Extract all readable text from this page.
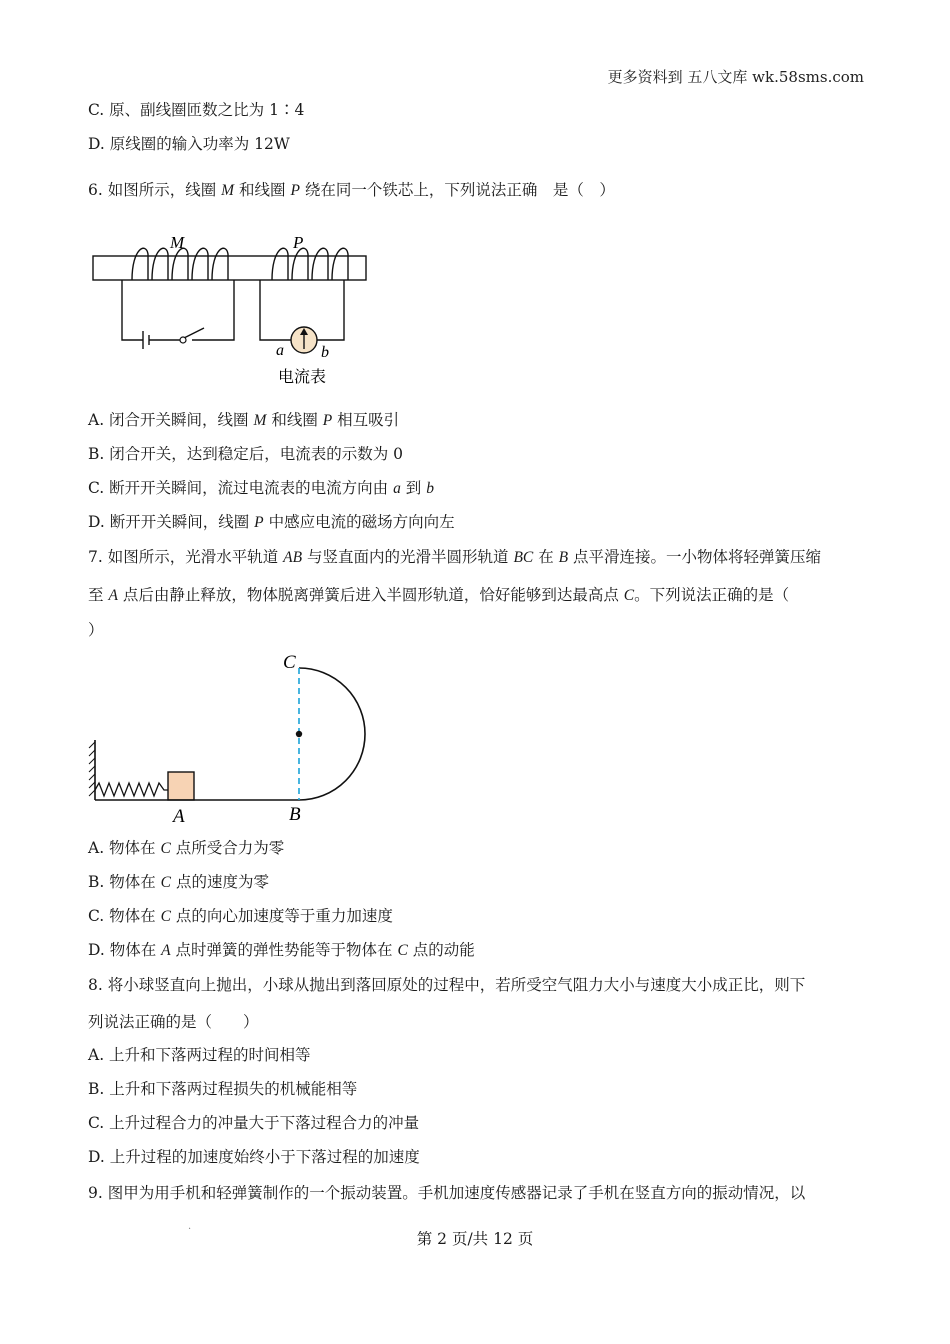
更多资料到 五八文库 wk.58sms.com
C. 原、副线圈匝数之比为 1∶4
D. 原线圈的输入功率为 12W
6. 如图所示，线圈 M 和线圈 P 绕在同一个铁芯上，下列说法正确　是（　）
M	P
a b
电流表
A. 闭合开关瞬间，线圈 M 和线圈 P 相互吸引
B. 闭合开关，达到稳定后，电流表的示数为 0
C. 断开开关瞬间，流过电流表的电流方向由 a 到 b
D. 断开开关瞬间，线圈 P 中感应电流的磁场方向向左
7. 如图所示，光滑水平轨道 AB 与竖直面内的光滑半圆形轨道 BC 在 B 点平滑连接。一小物体将轻弹簧压缩
至 A 点后由静止释放，物体脱离弹簧后进入半圆形轨道，恰好能够到达最高点 C。下列说法正确的是（
）
C
A	B
A. 物体在 C 点所受合力为零
B. 物体在 C 点的速度为零
C. 物体在 C 点的向心加速度等于重力加速度
D. 物体在 A 点时弹簧的弹性势能等于物体在 C 点的动能
8. 将小球竖直向上抛出，小球从抛出到落回原处的过程中，若所受空气阻力大小与速度大小成正比，则下
列说法正确的是（　　）
A. 上升和下落两过程的时间相等
B. 上升和下落两过程损失的机械能相等
C. 上升过程合力的冲量大于下落过程合力的冲量
D. 上升过程的加速度始终小于下落过程的加速度
9. 图甲为用手机和轻弹簧制作的一个振动装置。手机加速度传感器记录了手机在竖直方向的振动情况，以
·
第 2 页/共 12 页
